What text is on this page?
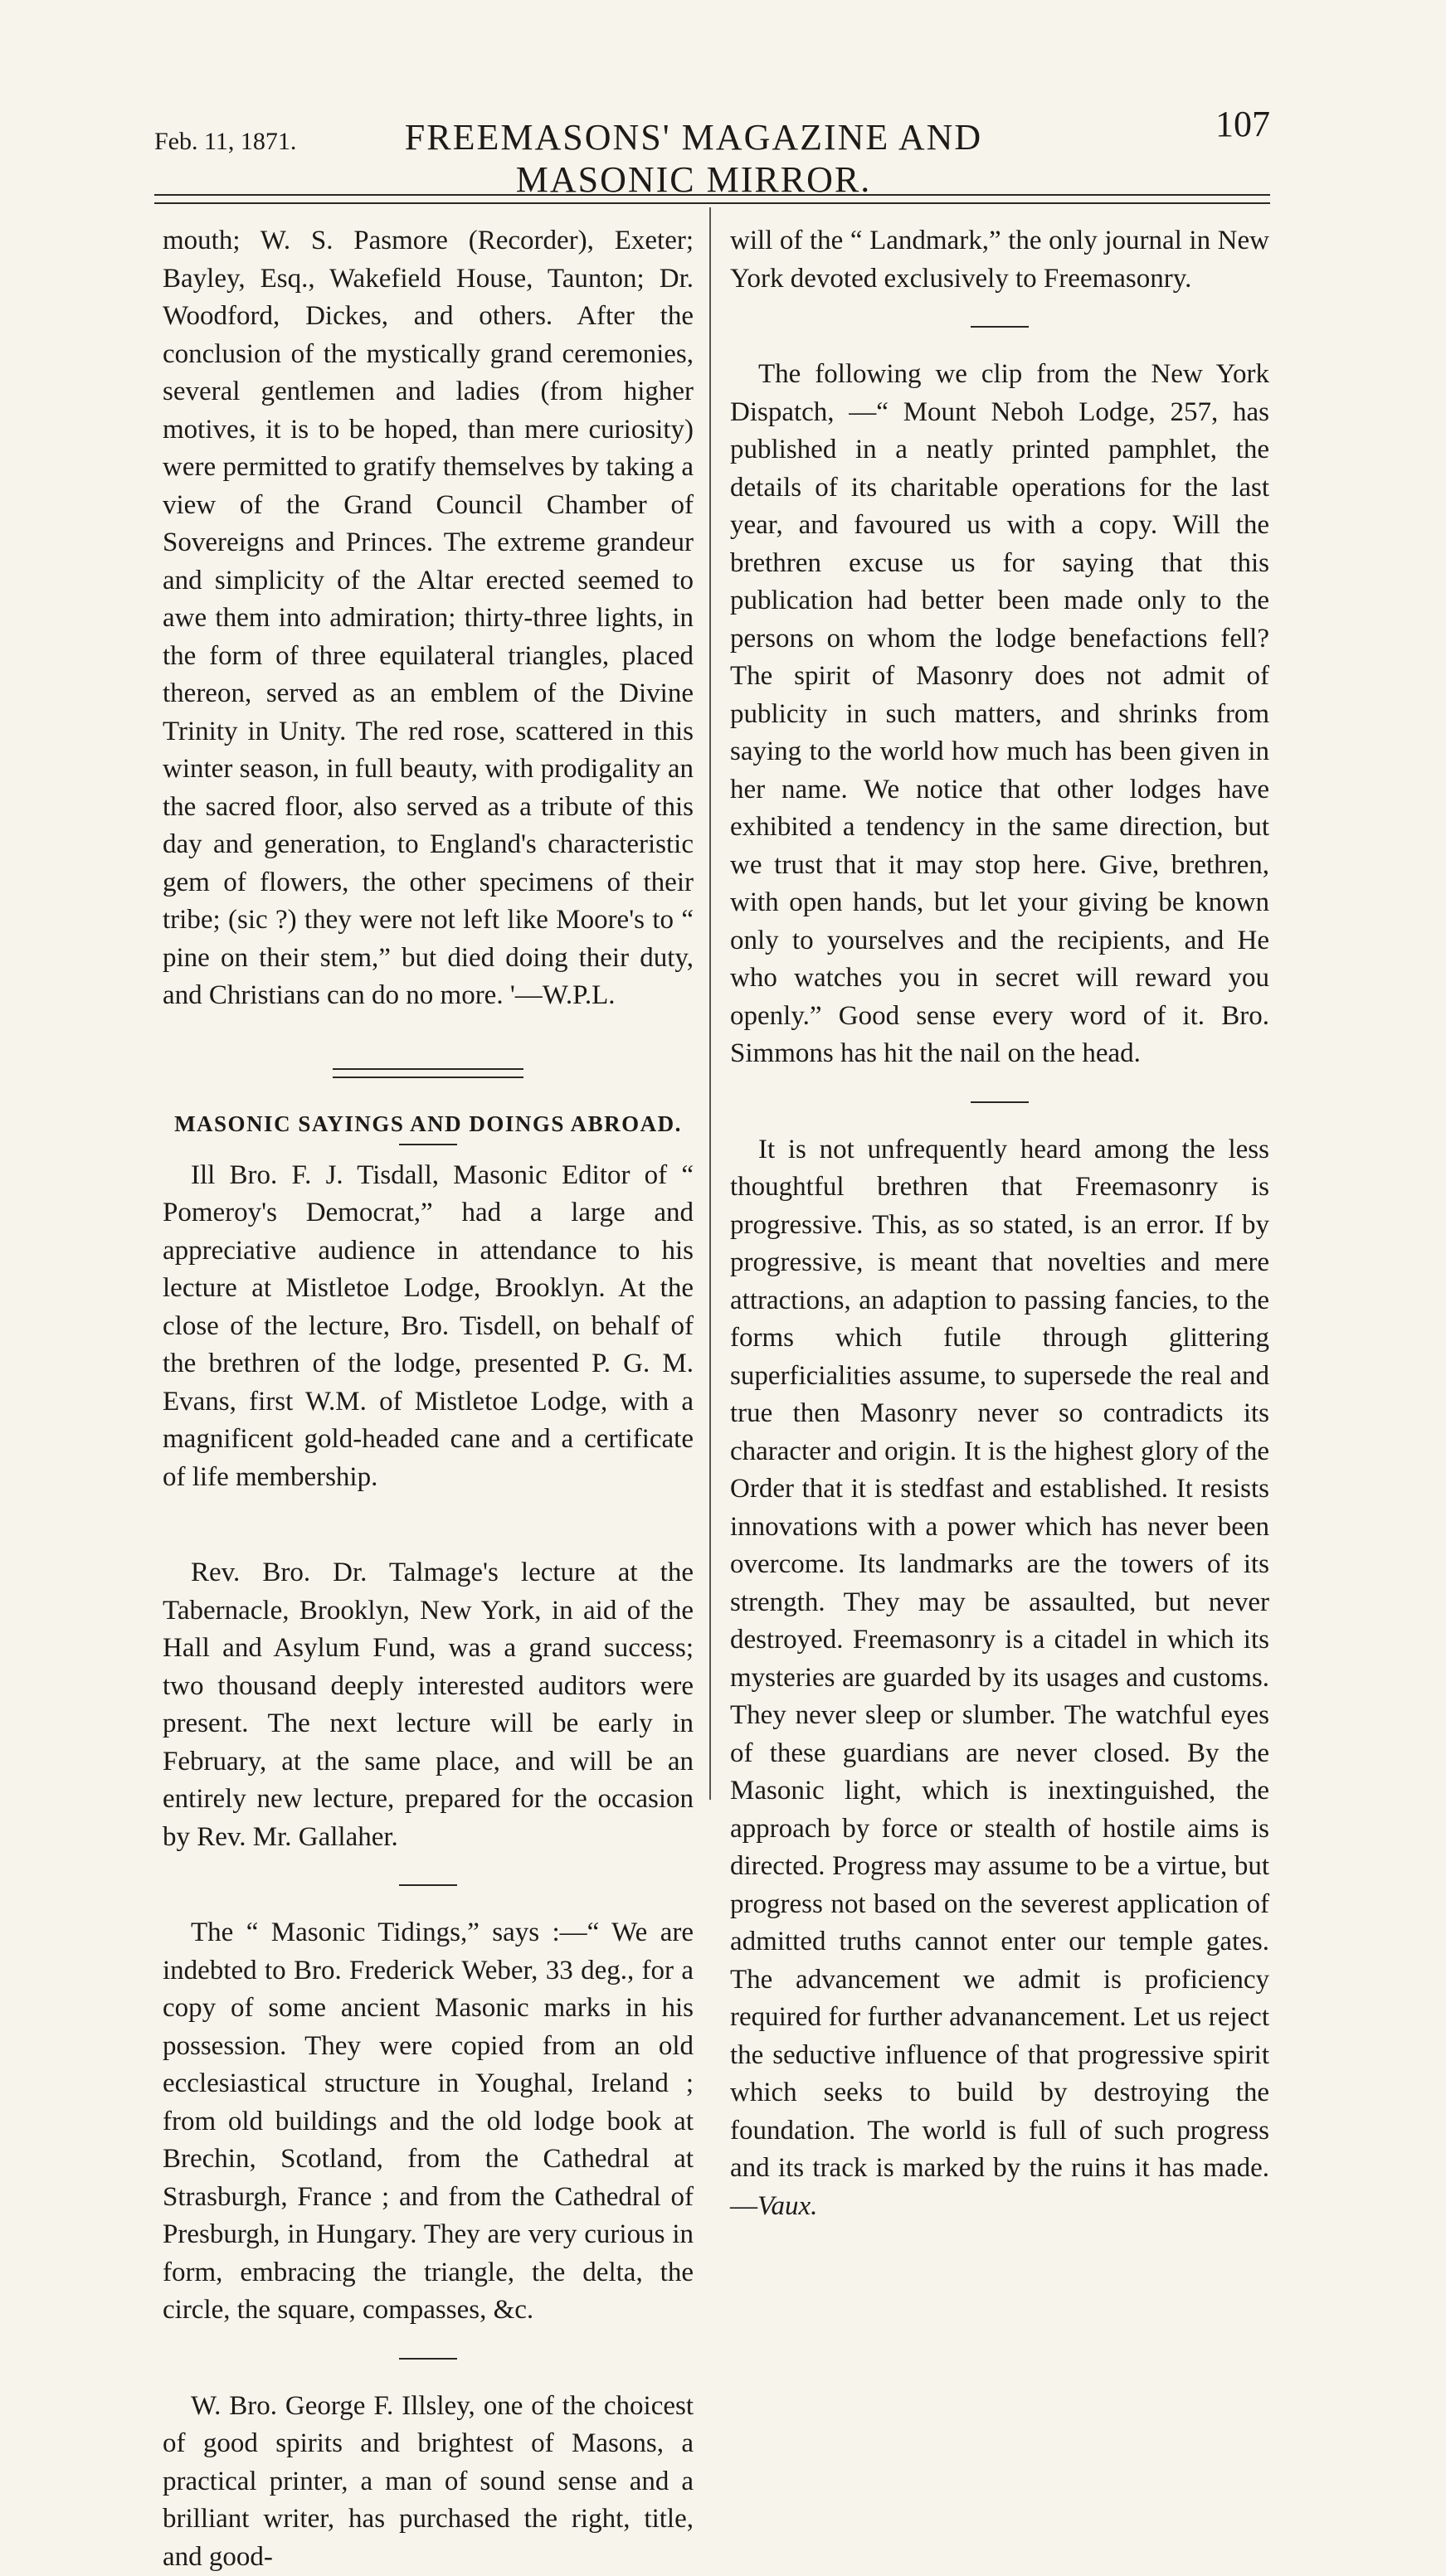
Feb. 11, 1871.	FREEMASONS' MAGAZINE AND MASONIC MIRROR.
107

mouth; W. S. Pasmore (Recorder), Exeter; Bayley, Esq., Wakefield House, Taunton; Dr. Woodford, Dickes, and others. After the conclusion of the mystically grand ceremonies, several gentlemen and ladies (from higher motives, it is to be hoped, than mere curiosity) were permitted to gratify themselves by taking a view of the Grand Council Chamber of Sovereigns and Princes. The extreme grandeur and simplicity of the Altar erected seemed to awe them into admiration; thirty-three lights, in the form of three equilateral triangles, placed thereon, served as an emblem of the Divine Trinity in Unity. The red rose, scattered in this winter season, in full beauty, with prodigality an the sacred floor, also served as a tribute of this day and generation, to England's characteristic gem of flowers, the other specimens of their tribe; (sic ?) they were not left like Moore's to “ pine on their stem,” but died doing their duty, and Christians can do no more. '—W.P.L.

MASONIC SAYINGS AND DOINGS ABROAD.

Ill Bro. F. J. Tisdall, Masonic Editor of “ Pomeroy's Democrat,” had a large and appreciative audience in attendance to his lecture at Mistletoe Lodge, Brooklyn. At the close of the lecture, Bro. Tisdell, on behalf of the brethren of the lodge, presented P. G. M. Evans, first W.M. of Mistletoe Lodge, with a magnificent gold-headed cane and a certificate of life membership.

Rev. Bro. Dr. Talmage's lecture at the Tabernacle, Brooklyn, New York, in aid of the Hall and Asylum Fund, was a grand success; two thousand deeply interested auditors were present. The next lecture will be early in February, at the same place, and will be an entirely new lecture, prepared for the occasion by Rev. Mr. Gallaher.

The “ Masonic Tidings,” says :—“ We are indebted to Bro. Frederick Weber, 33 deg., for a copy of some ancient Masonic marks in his possession. They were copied from an old ecclesiastical structure in Youghal, Ireland ; from old buildings and the old lodge book at Brechin, Scotland, from the Cathedral at Strasburgh, France ; and from the Cathedral of Presburgh, in Hungary. They are very curious in form, embracing the triangle, the delta, the circle, the square, compasses, &c.

W. Bro. George F. Illsley, one of the choicest of good spirits and brightest of Masons, a practical printer, a man of sound sense and a brilliant writer, has purchased the right, title, and good-

will of the “ Landmark,” the only journal in New York devoted exclusively to Freemasonry.

The following we clip from the New York Dispatch, —“ Mount Neboh Lodge, 257, has published in a neatly printed pamphlet, the details of its charitable operations for the last year, and favoured us with a copy. Will the brethren excuse us for saying that this publication had better been made only to the persons on whom the lodge benefactions fell? The spirit of Masonry does not admit of publicity in such matters, and shrinks from saying to the world how much has been given in her name. We notice that other lodges have exhibited a tendency in the same direction, but we trust that it may stop here. Give, brethren, with open hands, but let your giving be known only to yourselves and the recipients, and He who watches you in secret will reward you openly.” Good sense every word of it. Bro. Simmons has hit the nail on the head.

It is not unfrequently heard among the less thoughtful brethren that Freemasonry is progressive. This, as so stated, is an error. If by progressive, is meant that novelties and mere attractions, an adaption to passing fancies, to the forms which futile through glittering superficialities assume, to supersede the real and true then Masonry never so contradicts its character and origin. It is the highest glory of the Order that it is stedfast and established. It resists innovations with a power which has never been overcome. Its landmarks are the towers of its strength. They may be assaulted, but never destroyed. Freemasonry is a citadel in which its mysteries are guarded by its usages and customs. They never sleep or slumber. The watchful eyes of these guardians are never closed. By the Masonic light, which is inextinguished, the approach by force or stealth of hostile aims is directed. Progress may assume to be a virtue, but progress not based on the severest application of admitted truths cannot enter our temple gates. The advancement we admit is proficiency required for further advanancement. Let us reject the seductive influence of that progressive spirit which seeks to build by destroying the foundation. The world is full of such progress and its track is marked by the ruins it has made.—Vaux.
